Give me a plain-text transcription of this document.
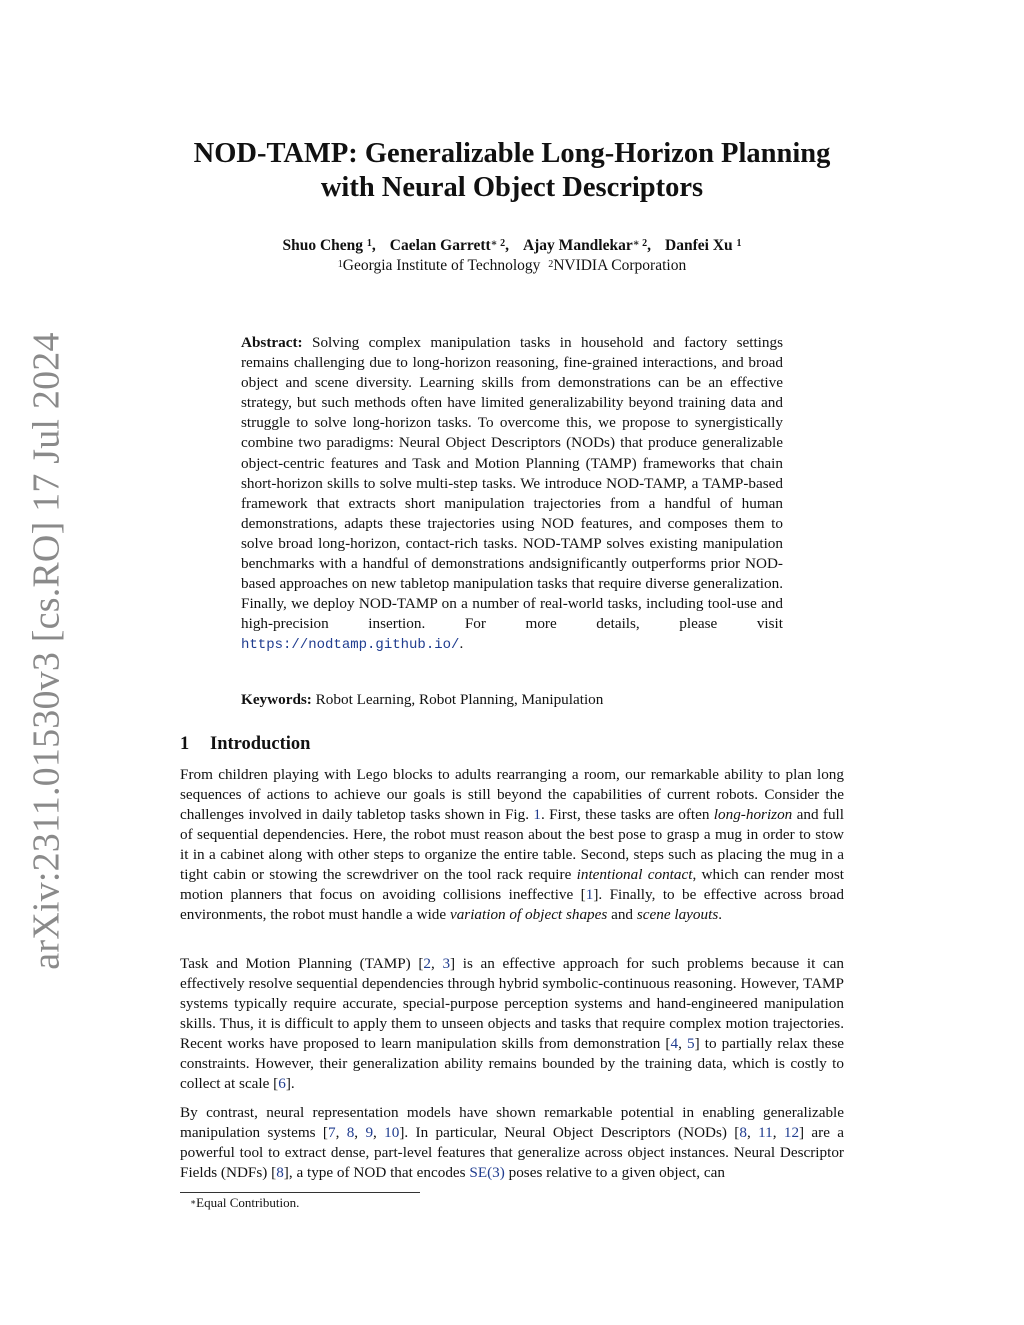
arXiv:2311.01530v3 [cs.RO] 17 Jul 2024
NOD-TAMP: Generalizable Long-Horizon Planning
with Neural Object Descriptors
Shuo Cheng $^1$, Caelan Garrett$^{∗ 2}$, Ajay Mandlekar$^{∗ 2}$, Danfei Xu $^1$
$^1$Georgia Institute of Technology $^2$NVIDIA Corporation
Abstract: Solving complex manipulation tasks in household and factory settings remains challenging due to long-horizon reasoning, fine-grained interactions, and broad object and scene diversity. Learning skills from demonstrations can be an effective strategy, but such methods often have limited generalizability beyond training data and struggle to solve long-horizon tasks. To overcome this, we propose to synergistically combine two paradigms: Neural Object Descriptors (NODs) that produce generalizable object-centric features and Task and Motion Planning (TAMP) frameworks that chain short-horizon skills to solve multi-step tasks. We introduce NOD-TAMP, a TAMP-based framework that extracts short manipulation trajectories from a handful of human demonstrations, adapts these trajectories using NOD features, and composes them to solve broad long-horizon, contact-rich tasks. NOD-TAMP solves existing manipulation benchmarks with a handful of demonstrations andsignificantly outperforms prior NOD-based approaches on new tabletop manipulation tasks that require diverse generalization. Finally, we deploy NOD-TAMP on a number of real-world tasks, including tool-use and high-precision insertion. For more details, please visit https://nodtamp.github.io/.
Keywords: Robot Learning, Robot Planning, Manipulation
1 Introduction
From children playing with Lego blocks to adults rearranging a room, our remarkable ability to plan long sequences of actions to achieve our goals is still beyond the capabilities of current robots. Consider the challenges involved in daily tabletop tasks shown in Fig. 1. First, these tasks are often long-horizon and full of sequential dependencies. Here, the robot must reason about the best pose to grasp a mug in order to stow it in a cabinet along with other steps to organize the entire table. Second, steps such as placing the mug in a tight cabin or stowing the screwdriver on the tool rack require intentional contact, which can render most motion planners that focus on avoiding collisions ineffective [1]. Finally, to be effective across broad environments, the robot must handle a wide variation of object shapes and scene layouts.
Task and Motion Planning (TAMP) [2, 3] is an effective approach for such problems because it can effectively resolve sequential dependencies through hybrid symbolic-continuous reasoning. However, TAMP systems typically require accurate, special-purpose perception systems and hand-engineered manipulation skills. Thus, it is difficult to apply them to unseen objects and tasks that require complex motion trajectories. Recent works have proposed to learn manipulation skills from demonstration [4, 5] to partially relax these constraints. However, their generalization ability remains bounded by the training data, which is costly to collect at scale [6].
By contrast, neural representation models have shown remarkable potential in enabling generalizable manipulation systems [7, 8, 9, 10]. In particular, Neural Object Descriptors (NODs) [8, 11, 12] are a powerful tool to extract dense, part-level features that generalize across object instances. Neural Descriptor Fields (NDFs) [8], a type of NOD that encodes SE(3) poses relative to a given object, can
∗Equal Contribution.
